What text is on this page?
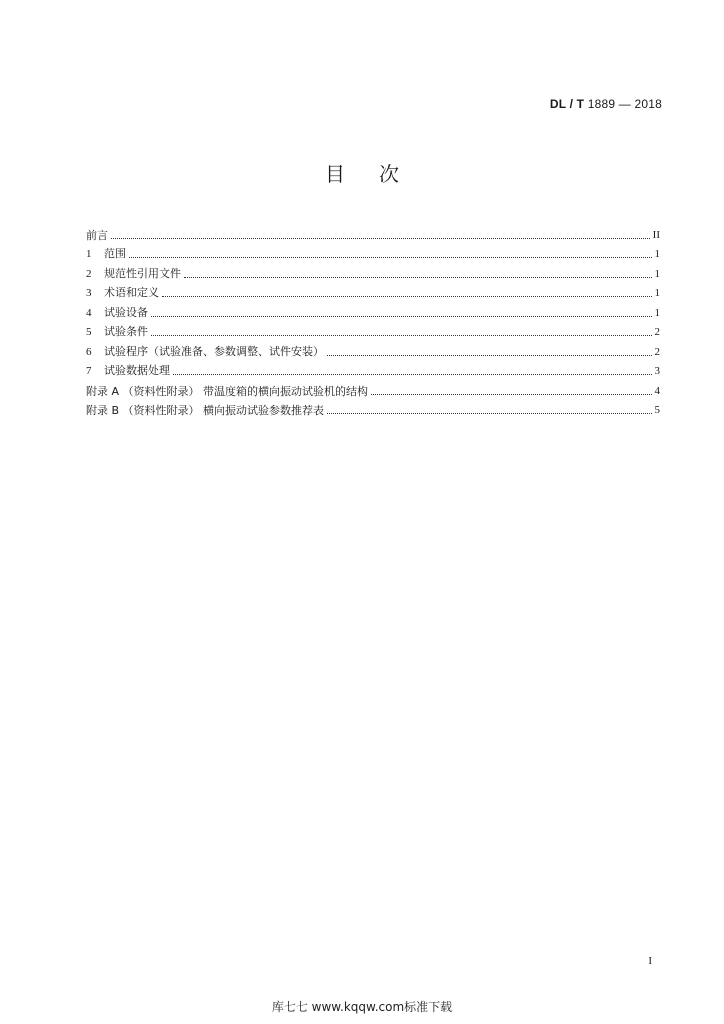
DL / T 1889 — 2018
目次
前言	II
1 范围	1
2 规范性引用文件	1
3 术语和定义	1
4 试验设备	1
5 试验条件	2
6 试验程序（试验准备、参数调整、试件安装）	2
7 试验数据处理	3
附录 A （资料性附录） 带温度箱的横向振动试验机的结构	4
附录 B （资料性附录） 横向振动试验参数推荐表	5
I
库七七 www.kqqw.com标准下载
